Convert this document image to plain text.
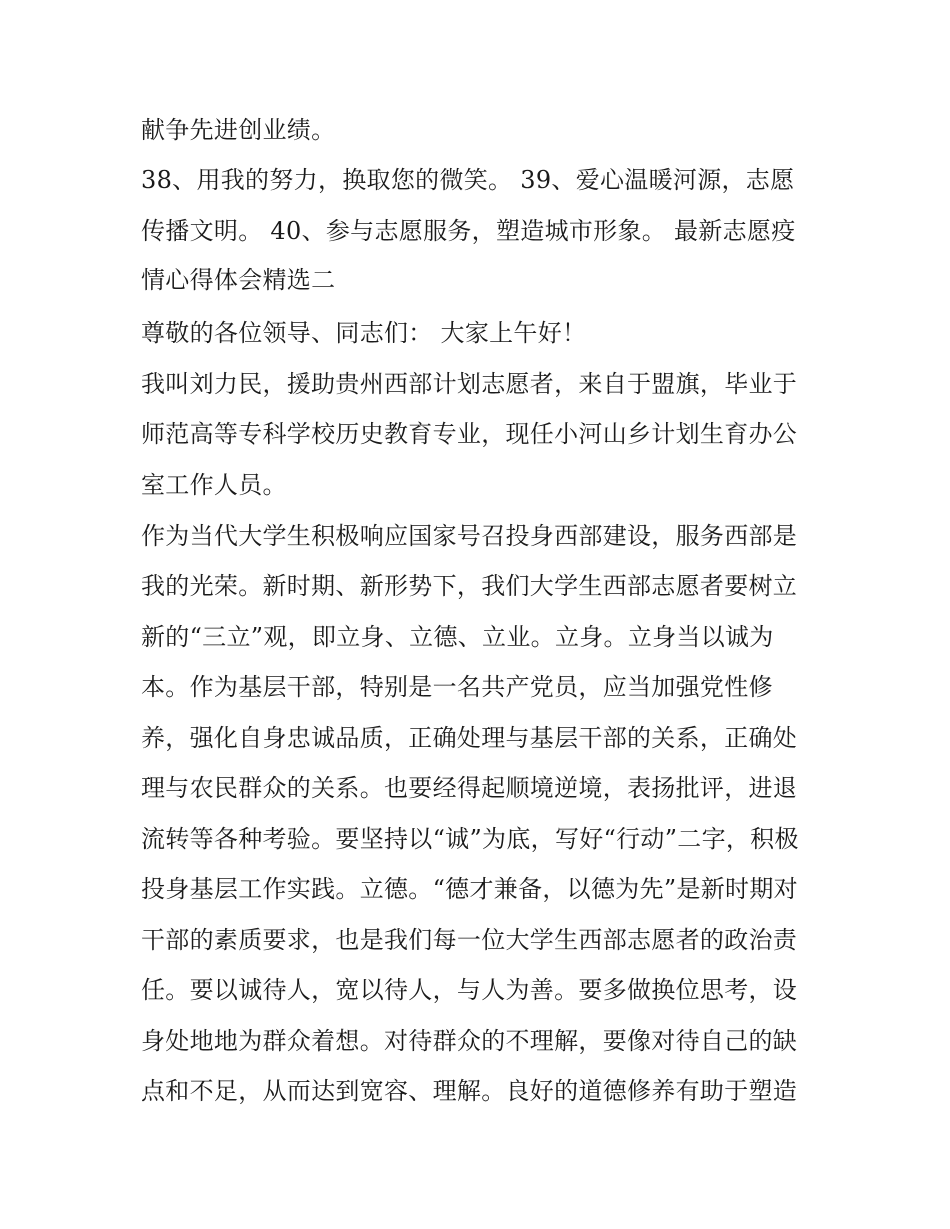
献争先进创业绩。
38、用我的努力，换取您的微笑。 39、爱心温暖河源，志愿
传播文明。 40、参与志愿服务，塑造城市形象。 最新志愿疫
情心得体会精选二
尊敬的各位领导、同志们： 大家上午好！
我叫刘力民，援助贵州西部计划志愿者，来自于盟旗，毕业于
师范高等专科学校历史教育专业，现任小河山乡计划生育办公
室工作人员。
作为当代大学生积极响应国家号召投身西部建设，服务西部是
我的光荣。新时期、新形势下，我们大学生西部志愿者要树立
新的“三立”观，即立身、立德、立业。立身。立身当以诚为
本。作为基层干部，特别是一名共产党员，应当加强党性修
养，强化自身忠诚品质，正确处理与基层干部的关系，正确处
理与农民群众的关系。也要经得起顺境逆境，表扬批评，进退
流转等各种考验。要坚持以“诚”为底，写好“行动”二字，积极
投身基层工作实践。立德。“德才兼备，以德为先”是新时期对
干部的素质要求，也是我们每一位大学生西部志愿者的政治责
任。要以诚待人，宽以待人，与人为善。要多做换位思考，设
身处地地为群众着想。对待群众的不理解，要像对待自己的缺
点和不足，从而达到宽容、理解。良好的道德修养有助于塑造
